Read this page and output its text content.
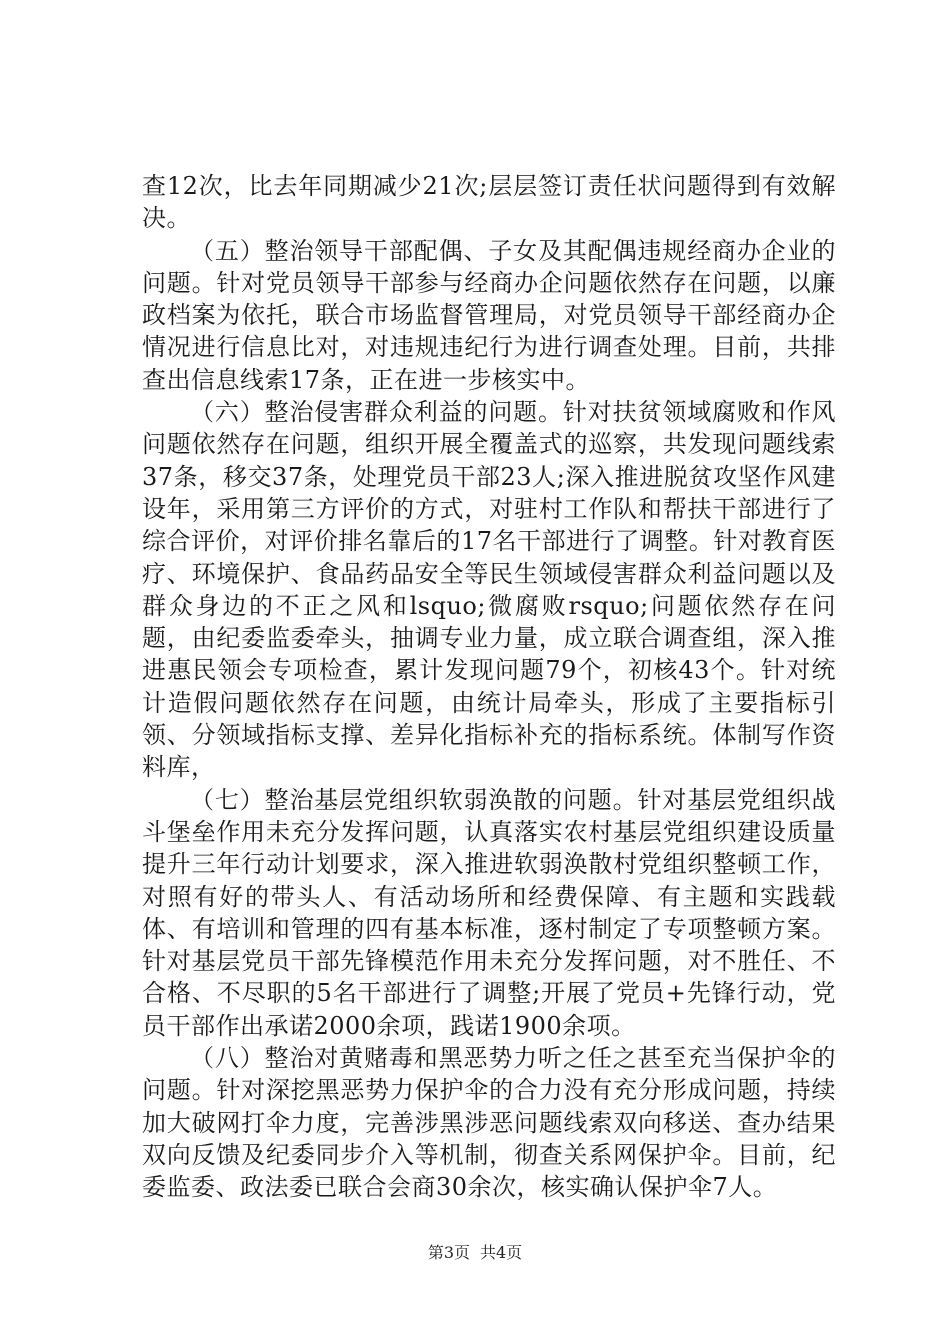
查12次，比去年同期减少21次;层层签订责任状问题得到有效解决。

（五）整治领导干部配偶、子女及其配偶违规经商办企业的问题。针对党员领导干部参与经商办企问题依然存在问题，以廉政档案为依托，联合市场监督管理局，对党员领导干部经商办企情况进行信息比对，对违规违纪行为进行调查处理。目前，共排查出信息线索17条，正在进一步核实中。

（六）整治侵害群众利益的问题。针对扶贫领域腐败和作风问题依然存在问题，组织开展全覆盖式的巡察，共发现问题线索37条，移交37条，处理党员干部23人;深入推进脱贫攻坚作风建设年，采用第三方评价的方式，对驻村工作队和帮扶干部进行了综合评价，对评价排名靠后的17名干部进行了调整。针对教育医疗、环境保护、食品药品安全等民生领域侵害群众利益问题以及群众身边的不正之风和lsquo;微腐败rsquo;问题依然存在问题，由纪委监委牵头，抽调专业力量，成立联合调查组，深入推进惠民领会专项检查，累计发现问题79个，初核43个。针对统计造假问题依然存在问题，由统计局牵头，形成了主要指标引领、分领域指标支撑、差异化指标补充的指标系统。体制写作资料库，

（七）整治基层党组织软弱涣散的问题。针对基层党组织战斗堡垒作用未充分发挥问题，认真落实农村基层党组织建设质量提升三年行动计划要求，深入推进软弱涣散村党组织整顿工作，对照有好的带头人、有活动场所和经费保障、有主题和实践载体、有培训和管理的四有基本标准，逐村制定了专项整顿方案。针对基层党员干部先锋模范作用未充分发挥问题，对不胜任、不合格、不尽职的5名干部进行了调整;开展了党员+先锋行动，党员干部作出承诺2000余项，践诺1900余项。

（八）整治对黄赌毒和黑恶势力听之任之甚至充当保护伞的问题。针对深挖黑恶势力保护伞的合力没有充分形成问题，持续加大破网打伞力度，完善涉黑涉恶问题线索双向移送、查办结果双向反馈及纪委同步介入等机制，彻查关系网保护伞。目前，纪委监委、政法委已联合会商30余次，核实确认保护伞7人。

第3页 共4页
